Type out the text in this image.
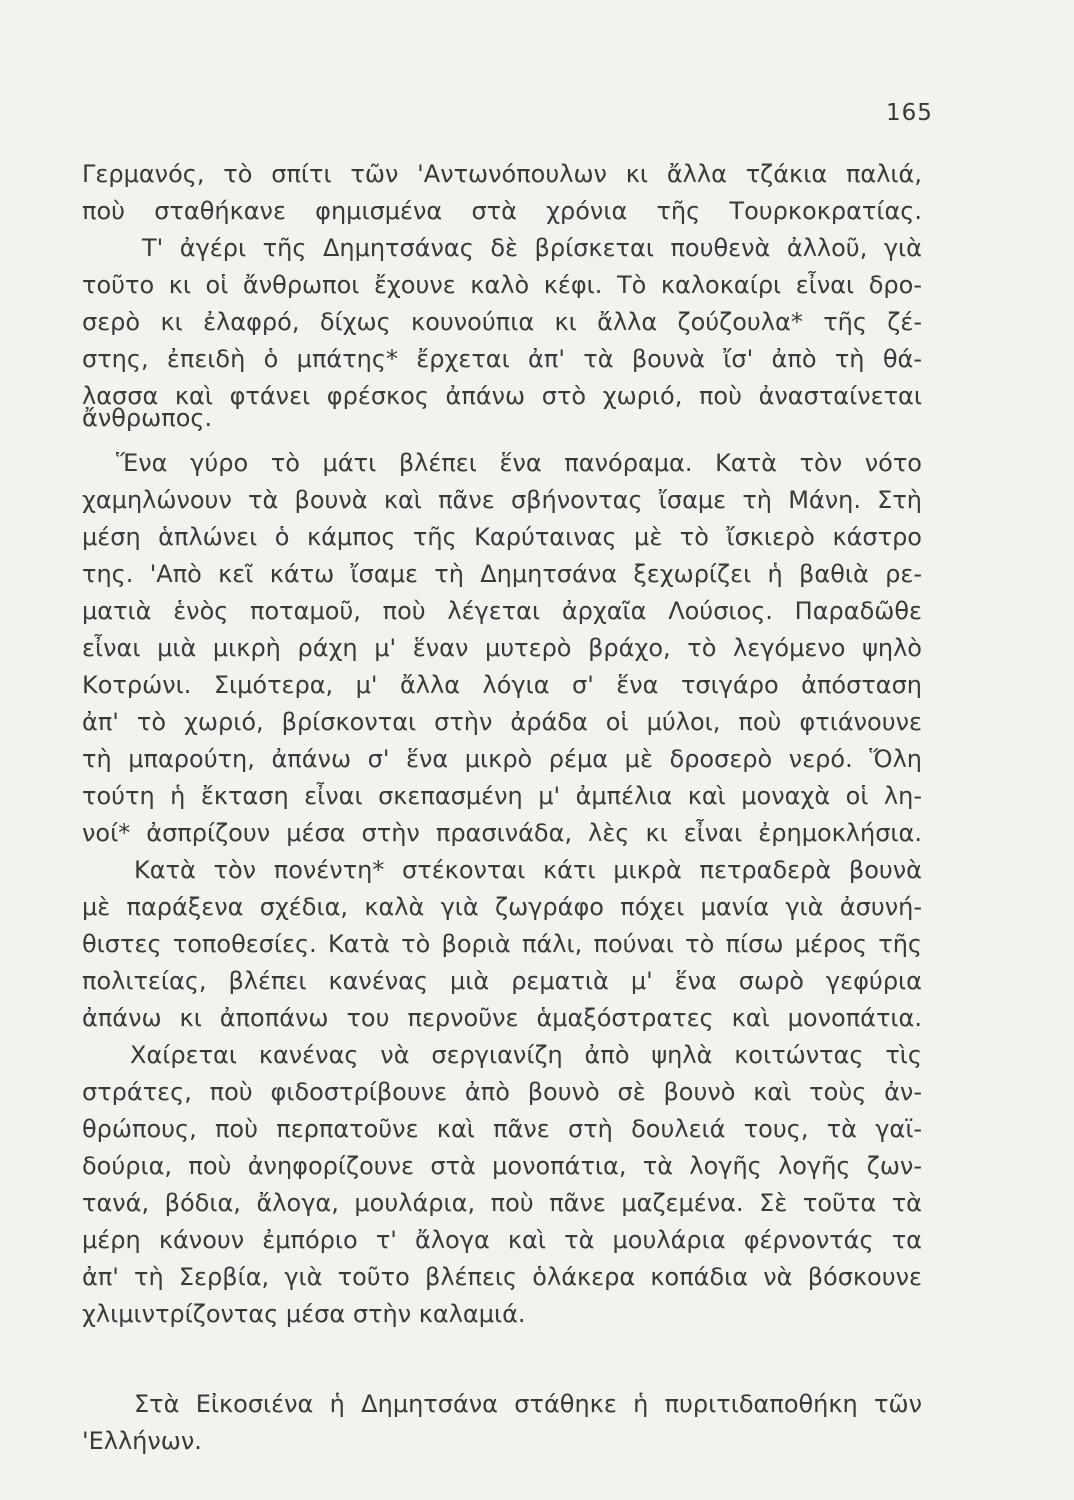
165
Γερμανός, τὸ σπίτι τῶν 'Αντωνόπουλων κι ἄλλα τζάκια παλιά,
ποὺ σταθήκανε φημισμένα στὰ χρόνια τῆς Τουρκοκρατίας.
Τ' ἀγέρι τῆς Δημητσάνας δὲ βρίσκεται πουθενὰ ἀλλοῦ, γιὰ
τοῦτο κι οἱ ἄνθρωποι ἔχουνε καλὸ κέφι. Τὸ καλοκαίρι εἶναι δρο-
σερὸ κι ἐλαφρό, δίχως κουνούπια κι ἄλλα ζούζουλα* τῆς ζέ-
στης, ἐπειδὴ ὁ μπάτης* ἔρχεται ἀπ' τὰ βουνὰ ἴσ' ἀπὸ τὴ θά-
λασσα καὶ φτάνει φρέσκος ἀπάνω στὸ χωριό, ποὺ ἀνασταίνεται
ἄνθρωπος.
Ἕνα γύρο τὸ μάτι βλέπει ἕνα πανόραμα. Κατὰ τὸν νότο
χαμηλώνουν τὰ βουνὰ καὶ πᾶνε σβήνοντας ἴσαμε τὴ Μάνη. Στὴ
μέση ἁπλώνει ὁ κάμπος τῆς Καρύταινας μὲ τὸ ἴσκιερὸ κάστρο
της. 'Απὸ κεῖ κάτω ἴσαμε τὴ Δημητσάνα ξεχωρίζει ἡ βαθιὰ ρε-
ματιὰ ἑνὸς ποταμοῦ, ποὺ λέγεται ἀρχαῖα Λούσιος. Παραδῶθε
εἶναι μιὰ μικρὴ ράχη μ' ἕναν μυτερὸ βράχο, τὸ λεγόμενο ψηλὸ
Κοτρώνι. Σιμότερα, μ' ἄλλα λόγια σ' ἕνα τσιγάρο ἀπόσταση
ἀπ' τὸ χωριό, βρίσκονται στὴν ἀράδα οἱ μύλοι, ποὺ φτιάνουνε
τὴ μπαρούτη, ἀπάνω σ' ἕνα μικρὸ ρέμα μὲ δροσερὸ νερό. Ὅλη
τούτη ἡ ἔκταση εἶναι σκεπασμένη μ' ἀμπέλια καὶ μοναχὰ οἱ λη-
νοί* ἀσπρίζουν μέσα στὴν πρασινάδα, λὲς κι εἶναι ἐρημοκλήσια.
Κατὰ τὸν πονέντη* στέκονται κάτι μικρὰ πετραδερὰ βουνὰ
μὲ παράξενα σχέδια, καλὰ γιὰ ζωγράφο πόχει μανία γιὰ ἀσυνή-
θιστες τοποθεσίες. Κατὰ τὸ βοριὰ πάλι, πούναι τὸ πίσω μέρος τῆς
πολιτείας, βλέπει κανένας μιὰ ρεματιὰ μ' ἕνα σωρὸ γεφύρια
ἀπάνω κι ἀποπάνω του περνοῦνε ἁμαξόστρατες καὶ μονοπάτια.
Χαίρεται κανένας νὰ σεργιανίζη ἀπὸ ψηλὰ κοιτώντας τὶς
στράτες, ποὺ φιδοστρίβουνε ἀπὸ βουνὸ σὲ βουνὸ καὶ τοὺς ἀν-
θρώπους, ποὺ περπατοῦνε καὶ πᾶνε στὴ δουλειά τους, τὰ γαϊ-
δούρια, ποὺ ἀνηφορίζουνε στὰ μονοπάτια, τὰ λογῆς λογῆς ζων-
τανά, βόδια, ἄλογα, μουλάρια, ποὺ πᾶνε μαζεμένα. Σὲ τοῦτα τὰ
μέρη κάνουν ἐμπόριο τ' ἄλογα καὶ τὰ μουλάρια φέρνοντάς τα
ἀπ' τὴ Σερβία, γιὰ τοῦτο βλέπεις ὁλάκερα κοπάδια νὰ βόσκουνε
χλιμιντρίζοντας μέσα στὴν καλαμιά.
Στὰ Εἰκοσιένα ἡ Δημητσάνα στάθηκε ἡ πυριτιδαποθήκη τῶν
'Ελλήνων.
